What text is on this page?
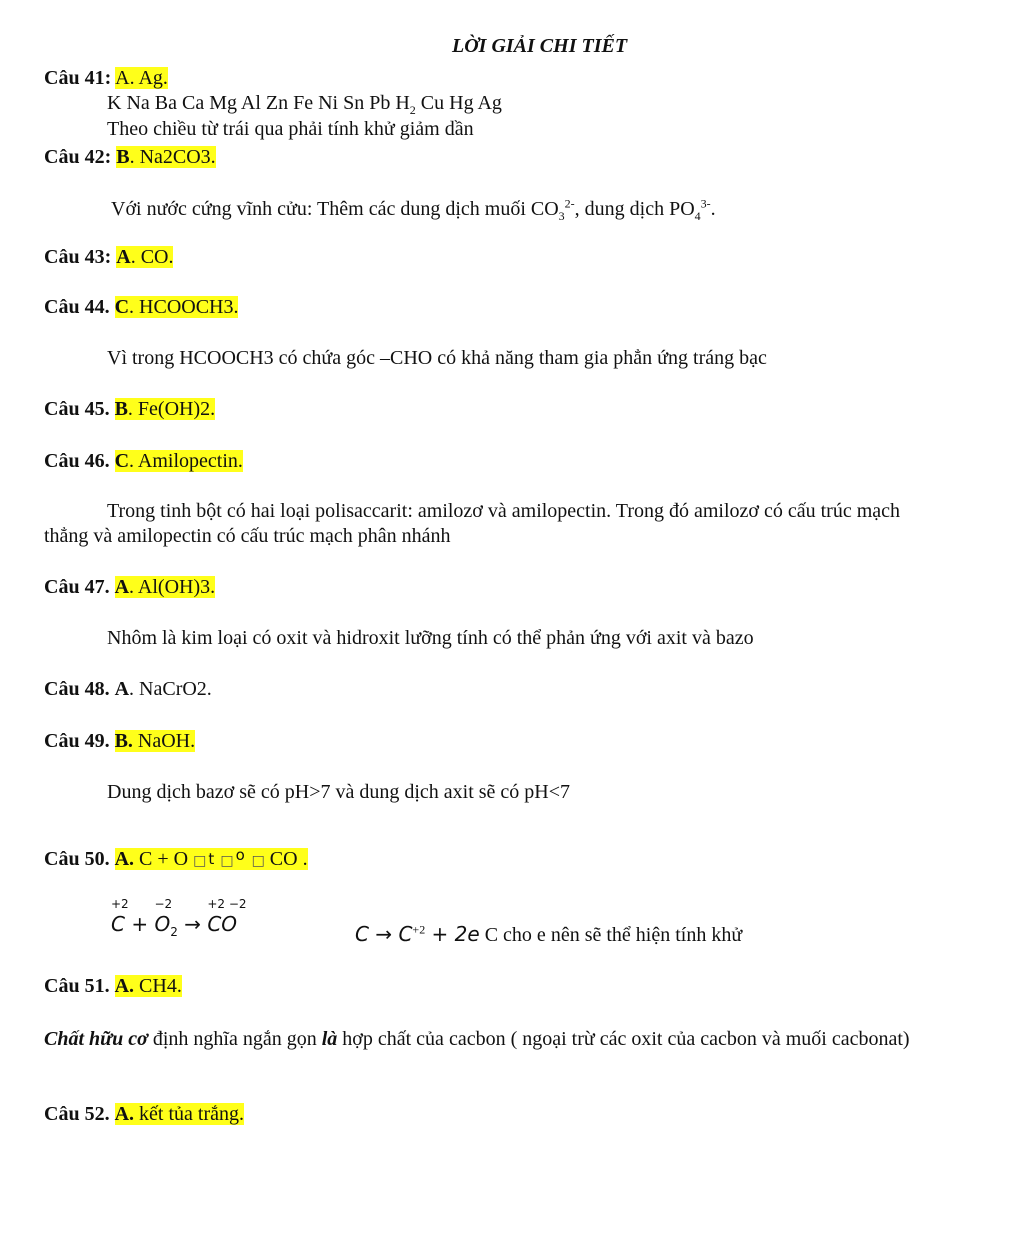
LỜI GIẢI CHI TIẾT
Câu 41: A. Ag.
K Na Ba Ca Mg Al Zn Fe Ni Sn Pb $H_2$ Cu Hg Ag
Theo chiều từ trái qua phải tính khử giảm dần
Câu 42: B. Na2CO3.
Với nước cứng vĩnh cửu: Thêm các dung dịch muối $CO_3^{2-}$, dung dịch $PO_4^{3-}$.
Câu 43: A. CO.
Câu 44. C. HCOOCH3.
Vì trong HCOOCH3 có chứa góc –CHO có khả năng tham gia phẳn ứng tráng bạc
Câu 45. B. Fe(OH)2.
Câu 46. C. Amilopectin.
Trong tinh bột có hai loại polisaccarit: amilozơ và amilopectin. Trong đó amilozơ có cấu trúc mạch
thẳng và amilopectin có cấu trúc mạch phân nhánh
Câu 47. A. Al(OH)3.
Nhôm là kim loại có oxit và hidroxit lưỡng tính có thể phản ứng với axit và bazo
Câu 48. A. NaCrO2.
Câu 49. B. NaOH.
Dung dịch bazơ sẽ có pH>7 và dung dịch axit sẽ có pH<7
Câu 50. A. C + O □ t □ o □ CO .
+2
C +
−2
$O_2$ →
+2 −2
CO	$C \to C^{+2} + 2e$ C cho e nên sẽ thể hiện tính khử
Câu 51. A. CH4.
Chất hữu cơ định nghĩa ngắn gọn là hợp chất của cacbon ( ngoại trừ các oxit của cacbon và muối cacbonat)
Câu 52. A. kết tủa trắng.
